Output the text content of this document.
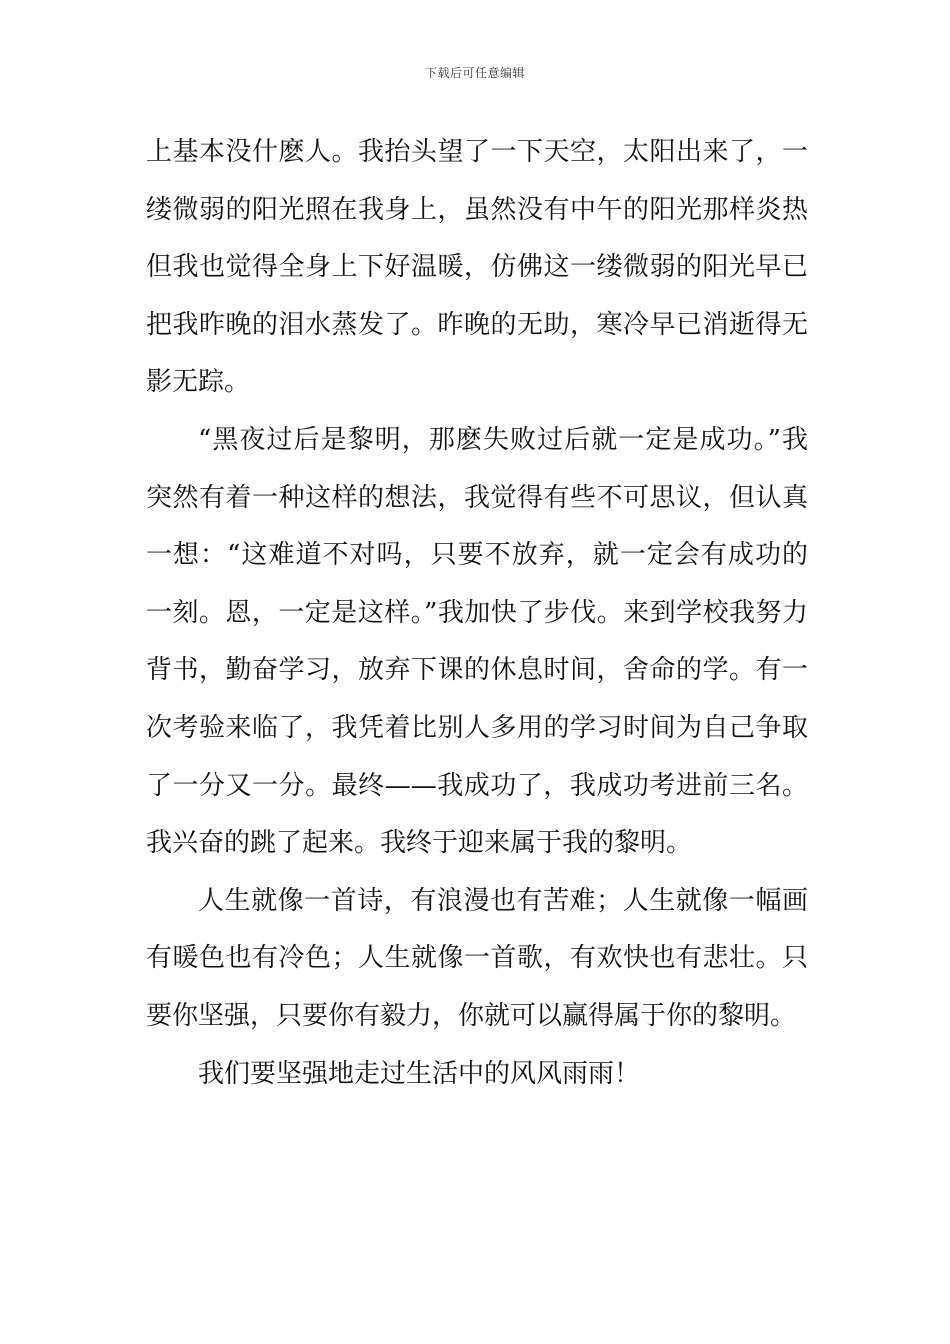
下载后可任意编辑

上基本没什麽人。我抬头望了一下天空，太阳出来了，一缕微弱的阳光照在我身上，虽然没有中午的阳光那样炎热但我也觉得全身上下好温暖，仿佛这一缕微弱的阳光早已把我昨晚的泪水蒸发了。昨晚的无助，寒冷早已消逝得无影无踪。

“黑夜过后是黎明，那麽失败过后就一定是成功。”我突然有着一种这样的想法，我觉得有些不可思议，但认真一想：“这难道不对吗，只要不放弃，就一定会有成功的一刻。恩，一定是这样。”我加快了步伐。来到学校我努力背书，勤奋学习，放弃下课的休息时间，舍命的学。有一次考验来临了，我凭着比别人多用的学习时间为自己争取了一分又一分。最终——我成功了，我成功考进前三名。我兴奋的跳了起来。我终于迎来属于我的黎明。

人生就像一首诗，有浪漫也有苦难；人生就像一幅画有暖色也有冷色；人生就像一首歌，有欢快也有悲壮。只要你坚强，只要你有毅力，你就可以赢得属于你的黎明。

我们要坚强地走过生活中的风风雨雨！
